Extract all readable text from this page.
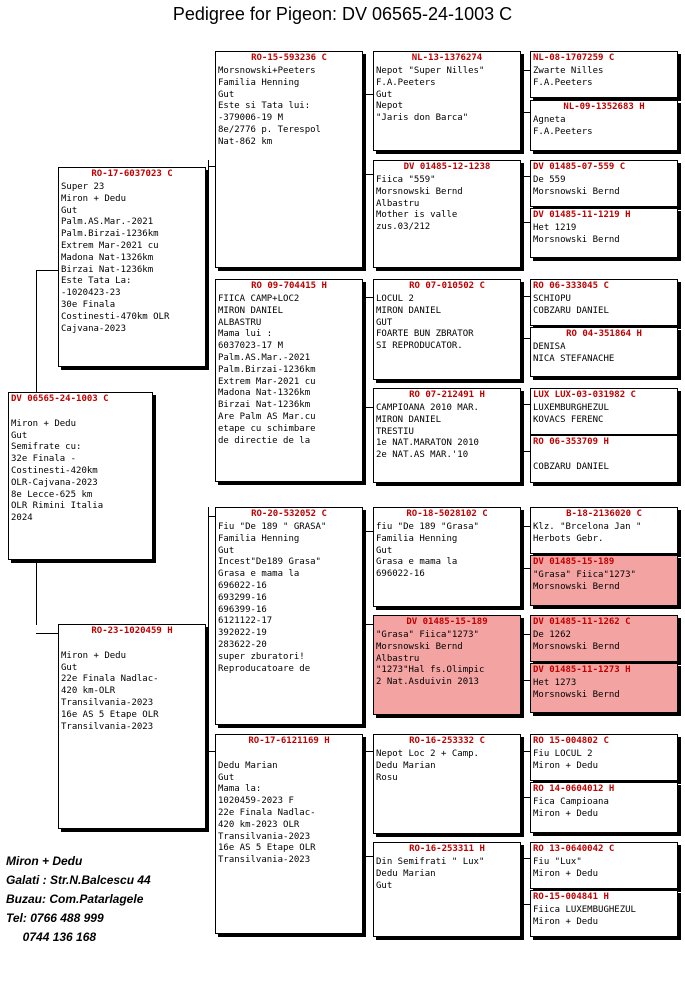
Pedigree for Pigeon: DV 06565-24-1003 C
DV 06565-24-1003 C

Miron + Dedu
Gut
Semifrate cu:
32e Finala -
Costinesti-420km
OLR-Cajvana-2023
8e Lecce-625 km
OLR Rimini Italia
2024
RO-17-6037023 C
Super 23
Miron + Dedu
Gut
Palm.AS.Mar.-2021
Palm.Birzai-1236km
Extrem Mar-2021 cu
Madona Nat-1326km
Birzai Nat-1236km
Este Tata La:
-1020423-23
30e Finala
Costinesti-470km OLR
Cajvana-2023
RO-23-1020459 H

Miron + Dedu
Gut
22e Finala Nadlac-
420 km-OLR
Transilvania-2023
16e AS 5 Etape OLR
Transilvania-2023
RO-15-593236 C
Morsnowski+Peeters
Familia Henning
Gut
Este si Tata lui:
-379006-19 M
8e/2776 p. Terespol
Nat-862 km
RO 09-704415 H
FIICA CAMP+LOC2
MIRON DANIEL
ALBASTRU
Mama lui :
6037023-17 M
Palm.AS.Mar.-2021
Palm.Birzai-1236km
Extrem Mar-2021 cu
Madona Nat-1326km
Birzai Nat-1236km
Are Palm AS Mar.cu
etape cu schimbare
de directie de la
RO-20-532052 C
Fiu "De 189 " GRASA"
Familia Henning
Gut
Incest"De189 Grasa"
Grasa e mama la
696022-16
693299-16
696399-16
6121122-17
392022-19
283622-20
super zburatori!
Reproducatoare de
RO-17-6121169 H

Dedu Marian
Gut
Mama la:
1020459-2023 F
22e Finala Nadlac-
420 km-2023 OLR
Transilvania-2023
16e AS 5 Etape OLR
Transilvania-2023
NL-13-1376274
Nepot "Super Nilles"
F.A.Peeters
Gut
Nepot
"Jaris don Barca"
DV 01485-12-1238
Fiica "559"
Morsnowski Bernd
Albastru
Mother is valle
zus.03/212
RO 07-010502 C
LOCUL 2
MIRON DANIEL
GUT
FOARTE BUN ZBRATOR
SI REPRODUCATOR.
RO 07-212491 H
CAMPIOANA 2010 MAR.
MIRON DANIEL
TRESTIU
1e NAT.MARATON 2010
2e NAT.AS MAR.'10
RO-18-5028102 C
fiu "De 189 "Grasa"
Familia Henning
Gut
Grasa e mama la
696022-16
DV 01485-15-189
"Grasa" Fiica"1273"
Morsnowski Bernd
Albastru
"1273"Hal fs.Olimpic
2 Nat.Asduivin 2013
RO-16-253332 C
Nepot Loc 2 + Camp.
Dedu Marian
Rosu
RO-16-253311 H
Din Semifrati " Lux"
Dedu Marian
Gut
NL-08-1707259 C
Zwarte Nilles
F.A.Peeters
NL-09-1352683 H
Agneta
F.A.Peeters
DV 01485-07-559 C
De 559
Morsnowski Bernd
DV 01485-11-1219 H
Het 1219
Morsnowski Bernd
RO 06-333045 C
SCHIOPU
COBZARU DANIEL
RO 04-351864 H
DENISA
NICA STEFANACHE
LUX LUX-03-031982 C
LUXEMBURGHEZUL
KOVACS FERENC
RO 06-353709 H

COBZARU DANIEL
B-18-2136020 C
Klz. "Brcelona Jan "
Herbots Gebr.
DV 01485-15-189
"Grasa" Fiica"1273"
Morsnowski Bernd
DV 01485-11-1262 C
De 1262
Morsnowski Bernd
DV 01485-11-1273 H
Het 1273
Morsnowski Bernd
RO 15-004802 C
Fiu LOCUL 2
Miron + Dedu
RO 14-0604012 H
Fica Campioana
Miron + Dedu
RO 13-0640042 C
Fiu "Lux"
Miron + Dedu
RO-15-004841 H
Fiica LUXEMBUGHEZUL
Miron + Dedu
Miron + Dedu
Galati : Str.N.Balcescu 44
Buzau: Com.Patarlagele
Tel: 0766 488 999
0744 136 168
